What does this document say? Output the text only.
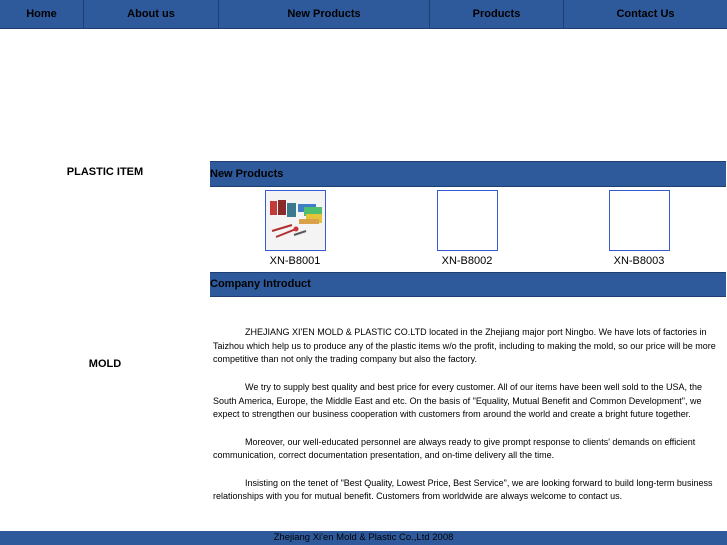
Home	About us	New Products	Products	Contact Us
PLASTIC ITEM
Laundry Accessories
Cleaning products
Bathroom accessories
Kitchenware
Baby products
Bag
Other products
MOLD
Injection mold
Pet mold
New Products
XN-B8001	XN-B8002	XN-B8003
Company Introduct

ZHEJIANG XI'EN MOLD & PLASTIC CO.LTD located in the Zhejiang major port Ningbo. We have lots of factories in Taizhou which help us to produce any of the plastic items w/o the profit, including to making the mold, so our price will be more competitive than not only the trading company but also the factory.

We try to supply best quality and best price for every customer. All of our items have been well sold to the USA, the South America, Europe, the Middle East and etc. On the basis of "Equality, Mutual Benefit and Common Development", we expect to strengthen our business cooperation with customers from around the world and create a bright future together.

Moreover, our well-educated personnel are always ready to give prompt response to clients' demands on efficient communication, correct documentation presentation, and on-time delivery all the time.

Insisting on the tenet of "Best Quality, Lowest Price, Best Service", we are looking forward to build long-term business relationships with you for mutual benefit. Customers from worldwide are always welcome to contact us.

Zhejiang Xi'en Mold & Plastic Co.,Ltd 2008
